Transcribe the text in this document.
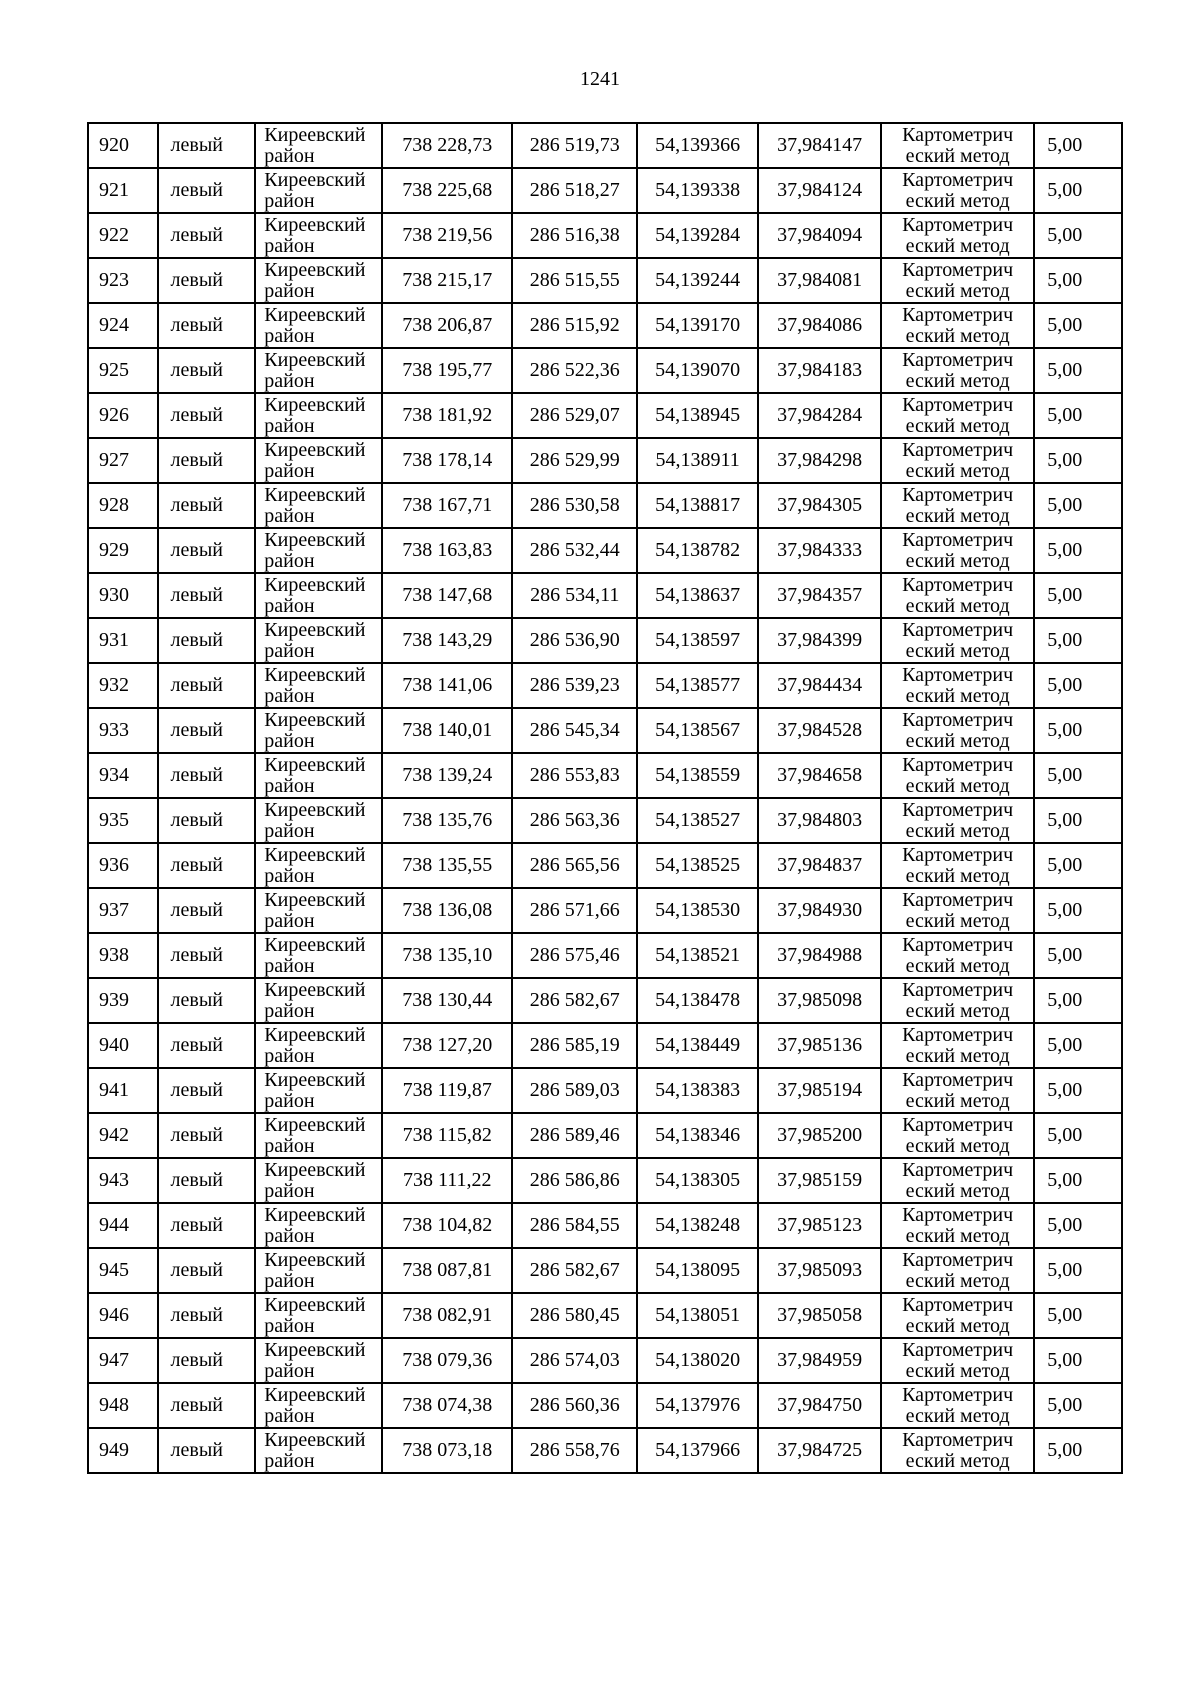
1241
920	левый	Киреевский район	738 228,73	286 519,73	54,139366	37,984147	Картометрич еский метод	5,00
921	левый	Киреевский район	738 225,68	286 518,27	54,139338	37,984124	Картометрич еский метод	5,00
922	левый	Киреевский район	738 219,56	286 516,38	54,139284	37,984094	Картометрич еский метод	5,00
923	левый	Киреевский район	738 215,17	286 515,55	54,139244	37,984081	Картометрич еский метод	5,00
924	левый	Киреевский район	738 206,87	286 515,92	54,139170	37,984086	Картометрич еский метод	5,00
925	левый	Киреевский район	738 195,77	286 522,36	54,139070	37,984183	Картометрич еский метод	5,00
926	левый	Киреевский район	738 181,92	286 529,07	54,138945	37,984284	Картометрич еский метод	5,00
927	левый	Киреевский район	738 178,14	286 529,99	54,138911	37,984298	Картометрич еский метод	5,00
928	левый	Киреевский район	738 167,71	286 530,58	54,138817	37,984305	Картометрич еский метод	5,00
929	левый	Киреевский район	738 163,83	286 532,44	54,138782	37,984333	Картометрич еский метод	5,00
930	левый	Киреевский район	738 147,68	286 534,11	54,138637	37,984357	Картометрич еский метод	5,00
931	левый	Киреевский район	738 143,29	286 536,90	54,138597	37,984399	Картометрич еский метод	5,00
932	левый	Киреевский район	738 141,06	286 539,23	54,138577	37,984434	Картометрич еский метод	5,00
933	левый	Киреевский район	738 140,01	286 545,34	54,138567	37,984528	Картометрич еский метод	5,00
934	левый	Киреевский район	738 139,24	286 553,83	54,138559	37,984658	Картометрич еский метод	5,00
935	левый	Киреевский район	738 135,76	286 563,36	54,138527	37,984803	Картометрич еский метод	5,00
936	левый	Киреевский район	738 135,55	286 565,56	54,138525	37,984837	Картометрич еский метод	5,00
937	левый	Киреевский район	738 136,08	286 571,66	54,138530	37,984930	Картометрич еский метод	5,00
938	левый	Киреевский район	738 135,10	286 575,46	54,138521	37,984988	Картометрич еский метод	5,00
939	левый	Киреевский район	738 130,44	286 582,67	54,138478	37,985098	Картометрич еский метод	5,00
940	левый	Киреевский район	738 127,20	286 585,19	54,138449	37,985136	Картометрич еский метод	5,00
941	левый	Киреевский район	738 119,87	286 589,03	54,138383	37,985194	Картометрич еский метод	5,00
942	левый	Киреевский район	738 115,82	286 589,46	54,138346	37,985200	Картометрич еский метод	5,00
943	левый	Киреевский район	738 111,22	286 586,86	54,138305	37,985159	Картометрич еский метод	5,00
944	левый	Киреевский район	738 104,82	286 584,55	54,138248	37,985123	Картометрич еский метод	5,00
945	левый	Киреевский район	738 087,81	286 582,67	54,138095	37,985093	Картометрич еский метод	5,00
946	левый	Киреевский район	738 082,91	286 580,45	54,138051	37,985058	Картометрич еский метод	5,00
947	левый	Киреевский район	738 079,36	286 574,03	54,138020	37,984959	Картометрич еский метод	5,00
948	левый	Киреевский район	738 074,38	286 560,36	54,137976	37,984750	Картометрич еский метод	5,00
949	левый	Киреевский район	738 073,18	286 558,76	54,137966	37,984725	Картометрич еский метод	5,00
